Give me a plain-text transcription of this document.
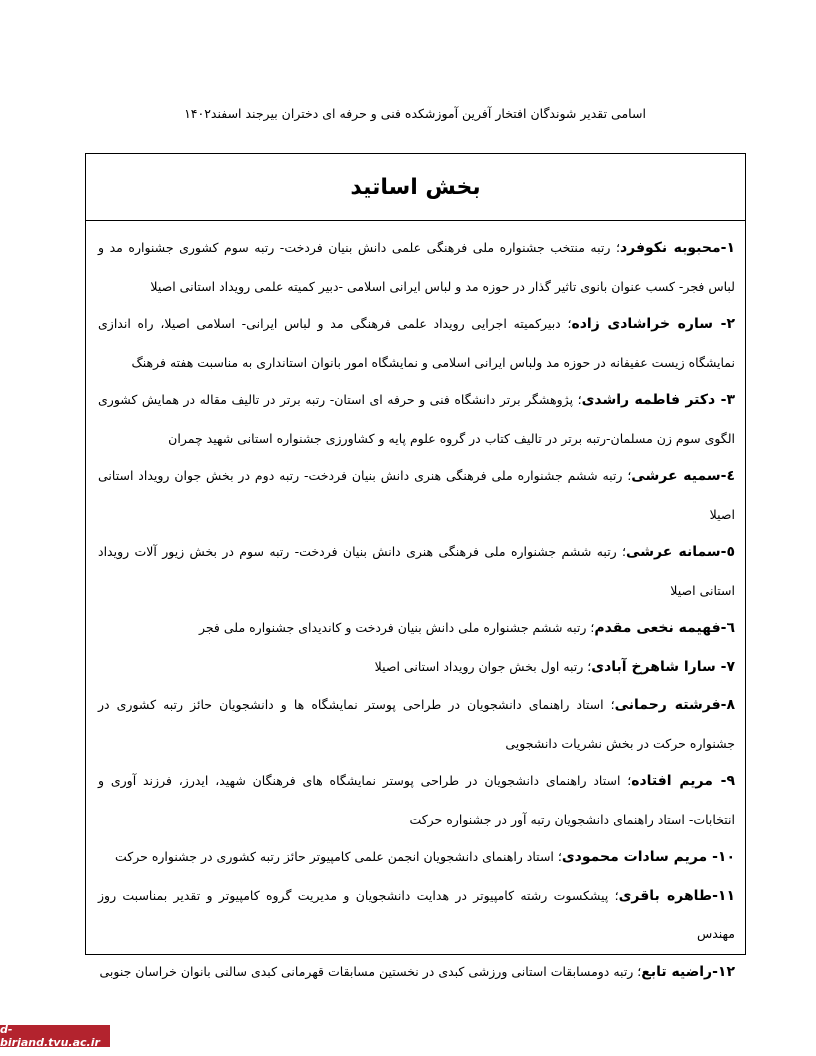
اسامی تقدیر شوندگان افتخار آفرین آموزشکده فنی و حرفه ای دختران بیرجند اسفند۱۴۰۲
بخش اساتید

۱-محبوبه نکوفرد؛ رتبه منتخب جشنواره ملی فرهنگی علمی دانش بنیان فردخت- رتبه سوم کشوری جشنواره مد و لباس فجر- کسب عنوان بانوی تاثیر گذار در حوزه مد و لباس ایرانی اسلامی -دبیر کمیته علمی رویداد استانی اصیلا

۲- ساره خراشادی زاده؛ دبیرکمیته اجرایی رویداد علمی فرهنگی مد و لباس ایرانی- اسلامی اصیلا، راه اندازی نمایشگاه زیست عفیفانه در حوزه مد ولباس ایرانی اسلامی و نمایشگاه امور بانوان استانداری به مناسبت هفته فرهنگ

۳- دکتر فاطمه راشدی؛ پژوهشگر برتر دانشگاه فنی و حرفه ای استان- رتبه برتر در تالیف مقاله در همایش کشوری الگوی سوم زن مسلمان-رتبه برتر در تالیف کتاب در گروه علوم پایه و کشاورزی جشنواره استانی شهید چمران

٤-سمیه عرشی؛ رتبه ششم جشنواره ملی فرهنگی هنری دانش بنیان فردخت- رتبه دوم در بخش جوان رویداد استانی اصیلا

٥-سمانه عرشی؛ رتبه ششم جشنواره ملی فرهنگی هنری دانش بنیان فردخت- رتبه سوم در بخش زیور آلات رویداد استانی اصیلا

٦-فهیمه نخعی مقدم؛ رتبه ششم جشنواره ملی دانش بنیان فردخت و کاندیدای جشنواره ملی فجر

٧- سارا شاهرخ آبادی؛ رتبه اول بخش جوان رویداد استانی اصیلا

٨-فرشته رحمانی؛ استاد راهنمای دانشجویان در طراحی پوستر نمایشگاه ها و دانشجویان حائز رتبه کشوری در جشنواره حرکت در بخش نشریات دانشجویی

٩- مریم افتاده؛ استاد راهنمای دانشجویان در طراحی پوستر نمایشگاه های فرهنگان شهید، ایدرز، فرزند آوری و انتخابات- استاد راهنمای دانشجویان رتبه آور در جشنواره حرکت

١٠- مریم سادات محمودی؛ استاد راهنمای دانشجویان انجمن علمی کامپیوتر حائز رتبه کشوری در جشنواره حرکت

١١-طاهره باقری؛ پیشکسوت رشته کامپیوتر در هدایت دانشجویان و مدیریت گروه کامپیوتر و تقدیر بمناسبت روز مهندس

١٢-راضیه تابع؛ رتبه دومسابقات استانی ورزشی کبدی در نخستین مسابقات قهرمانی کبدی سالنی بانوان خراسان جنوبی

d-birjand.tvu.ac.ir
